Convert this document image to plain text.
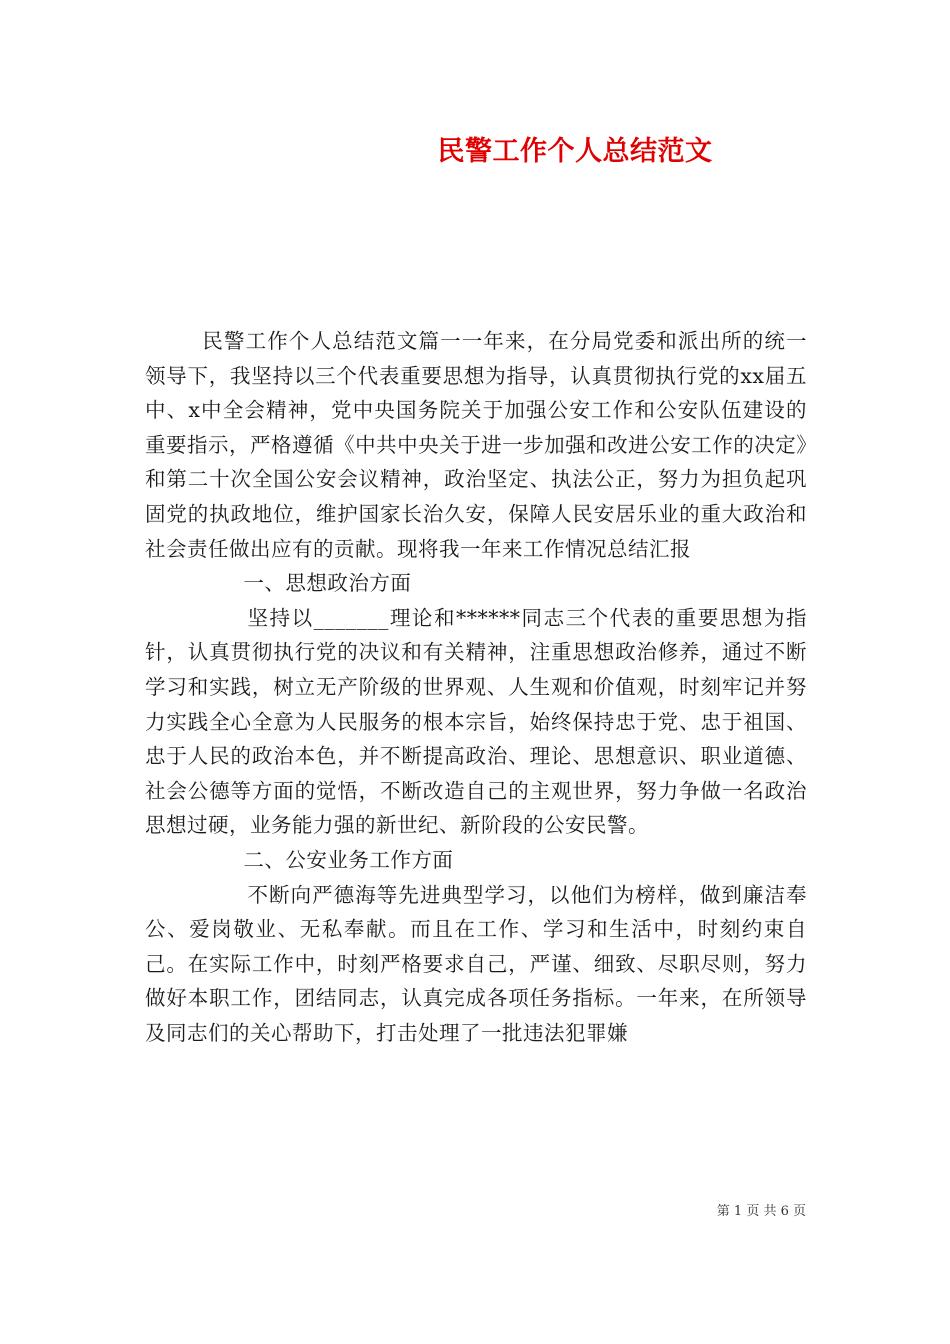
民警工作个人总结范文

民警工作个人总结范文篇一一年来，在分局党委和派出所的统一领导下，我坚持以三个代表重要思想为指导，认真贯彻执行党的xx届五中、x中全会精神，党中央国务院关于加强公安工作和公安队伍建设的重要指示，严格遵循《中共中央关于进一步加强和改进公安工作的决定》和第二十次全国公安会议精神，政治坚定、执法公正，努力为担负起巩固党的执政地位，维护国家长治久安，保障人民安居乐业的重大政治和社会责任做出应有的贡献。现将我一年来工作情况总结汇报

一、思想政治方面

坚持以_______理论和******同志三个代表的重要思想为指针，认真贯彻执行党的决议和有关精神，注重思想政治修养，通过不断学习和实践，树立无产阶级的世界观、人生观和价值观，时刻牢记并努力实践全心全意为人民服务的根本宗旨，始终保持忠于党、忠于祖国、忠于人民的政治本色，并不断提高政治、理论、思想意识、职业道德、社会公德等方面的觉悟，不断改造自己的主观世界，努力争做一名政治思想过硬，业务能力强的新世纪、新阶段的公安民警。

二、公安业务工作方面

不断向严德海等先进典型学习，以他们为榜样，做到廉洁奉公、爱岗敬业、无私奉献。而且在工作、学习和生活中，时刻约束自己。在实际工作中，时刻严格要求自己，严谨、细致、尽职尽则，努力做好本职工作，团结同志，认真完成各项任务指标。一年来，在所领导及同志们的关心帮助下，打击处理了一批违法犯罪嫌

第 1 页 共 6 页
